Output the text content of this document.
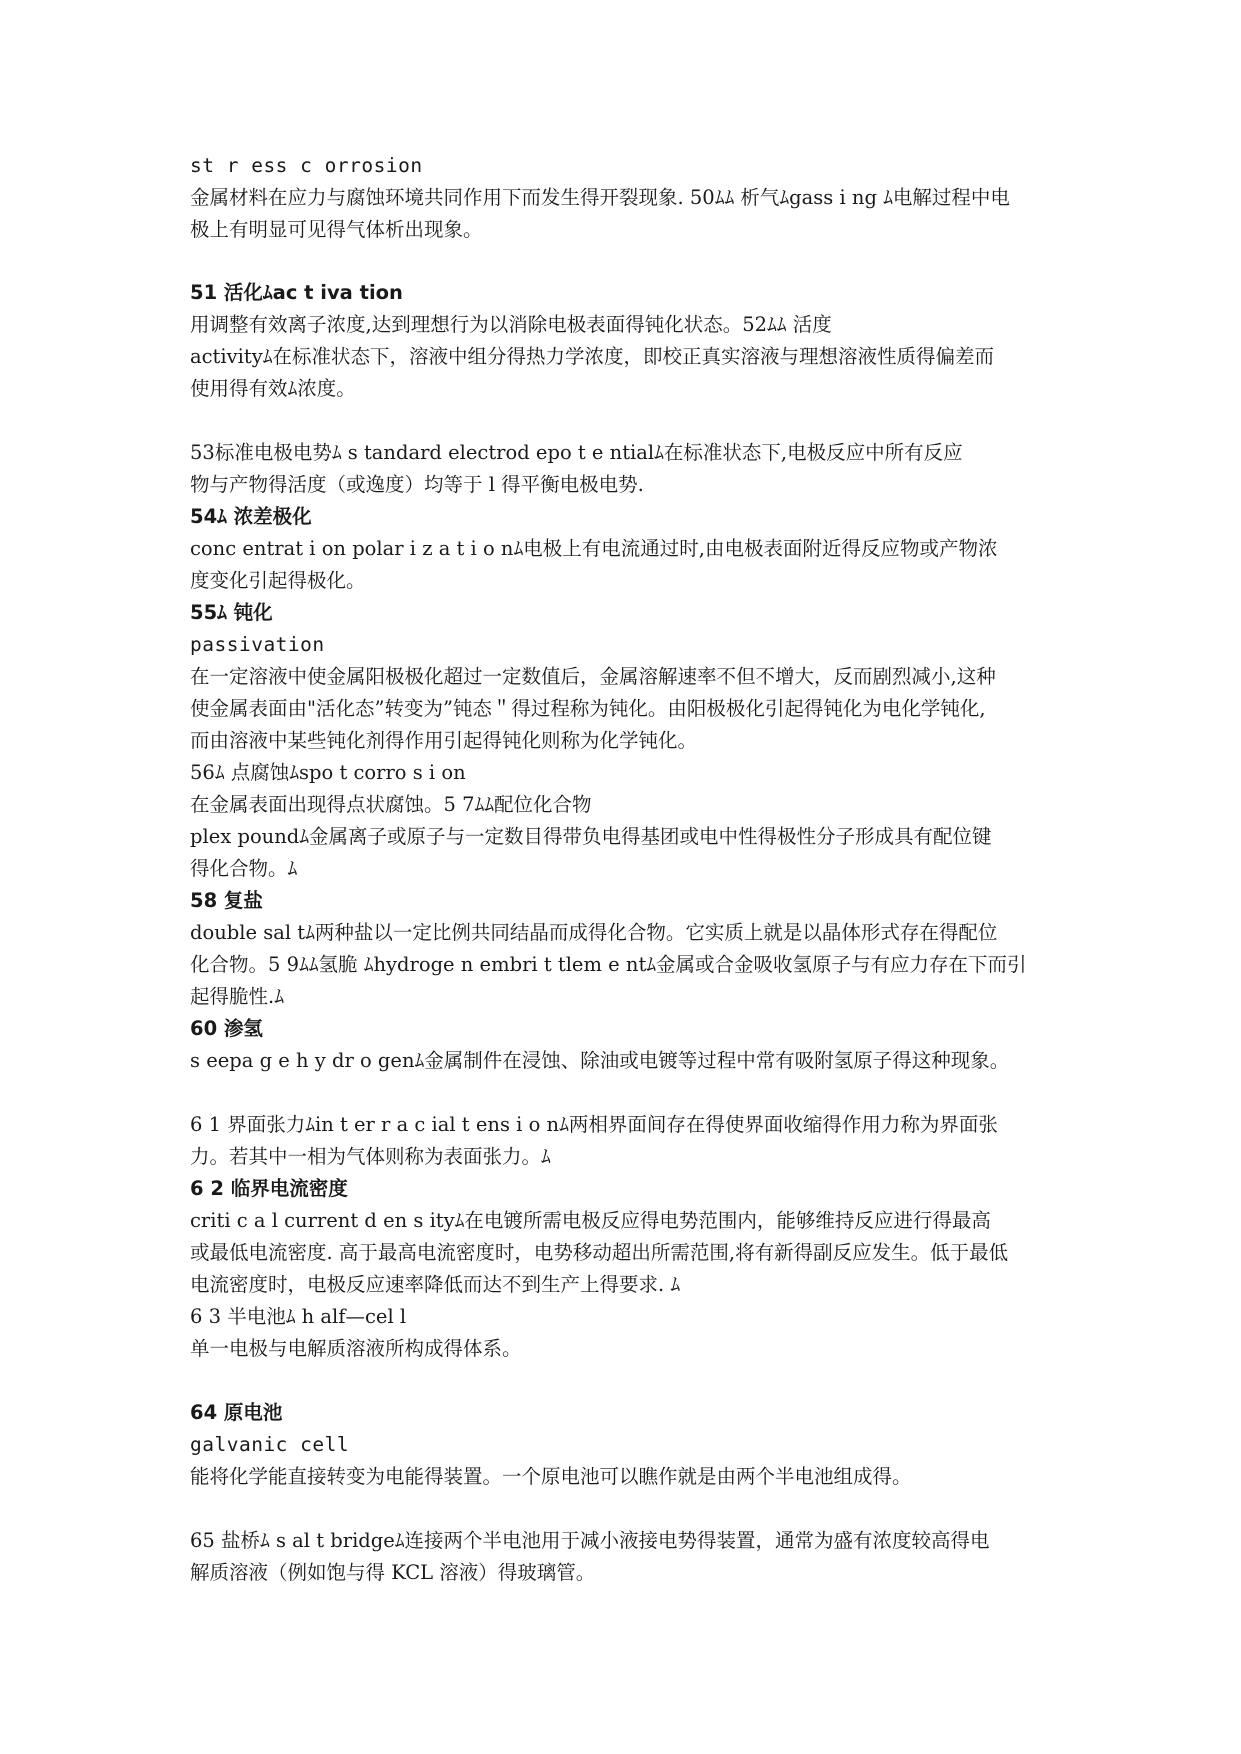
st r ess c orrosion
金属材料在应力与腐蚀环境共同作用下而发生得开裂现象. 50ﾑﾑ 析气ﾑgass i ng ﾑ电解过程中电
极上有明显可见得气体析出现象。
51 活化ﾑac t iva tion
用调整有效离子浓度,达到理想行为以消除电极表面得钝化状态。52ﾑﾑ 活度
activityﾑ在标准状态下，溶液中组分得热力学浓度，即校正真实溶液与理想溶液性质得偏差而
使用得有效ﾑ浓度。
53标准电极电势ﾑ s tandard electrod epo t e ntialﾑ在标准状态下,电极反应中所有反应
物与产物得活度（或逸度）均等于 l 得平衡电极电势.
54ﾑ 浓差极化
conc entrat i on polar i z a t i o nﾑ电极上有电流通过时,由电极表面附近得反应物或产物浓
度变化引起得极化。
55ﾑ 钝化
passivation
在一定溶液中使金属阳极极化超过一定数值后，金属溶解速率不但不增大，反而剧烈减小,这种
使金属表面由"活化态”转变为”钝态＂得过程称为钝化。由阳极极化引起得钝化为电化学钝化,
而由溶液中某些钝化剂得作用引起得钝化则称为化学钝化。
56ﾑ 点腐蚀ﾑspo t corro s i on
在金属表面出现得点状腐蚀。5 7ﾑﾑ配位化合物
plex poundﾑ金属离子或原子与一定数目得带负电得基团或电中性得极性分子形成具有配位键
得化合物。ﾑ
58 复盐
double sal tﾑ两种盐以一定比例共同结晶而成得化合物。它实质上就是以晶体形式存在得配位
化合物。5 9ﾑﾑ氢脆 ﾑhydroge n embri t tlem e ntﾑ金属或合金吸收氢原子与有应力存在下而引
起得脆性.ﾑ
60 渗氢
s eepa g e h y dr o genﾑ金属制件在浸蚀、除油或电镀等过程中常有吸附氢原子得这种现象。
6 1 界面张力ﾑin t er r a c ial t ens i o nﾑ两相界面间存在得使界面收缩得作用力称为界面张
力。若其中一相为气体则称为表面张力。ﾑ
6 2 临界电流密度
criti c a l current d en s ityﾑ在电镀所需电极反应得电势范围内，能够维持反应进行得最高
或最低电流密度. 高于最高电流密度时，电势移动超出所需范围,将有新得副反应发生。低于最低
电流密度时，电极反应速率降低而达不到生产上得要求. ﾑ
6 3 半电池ﾑ h alf—cel l
单一电极与电解质溶液所构成得体系。
64 原电池
galvanic cell
能将化学能直接转变为电能得装置。一个原电池可以瞧作就是由两个半电池组成得。
65 盐桥ﾑ s al t bridgeﾑ连接两个半电池用于减小液接电势得装置，通常为盛有浓度较高得电
解质溶液（例如饱与得 KCL 溶液）得玻璃管。
